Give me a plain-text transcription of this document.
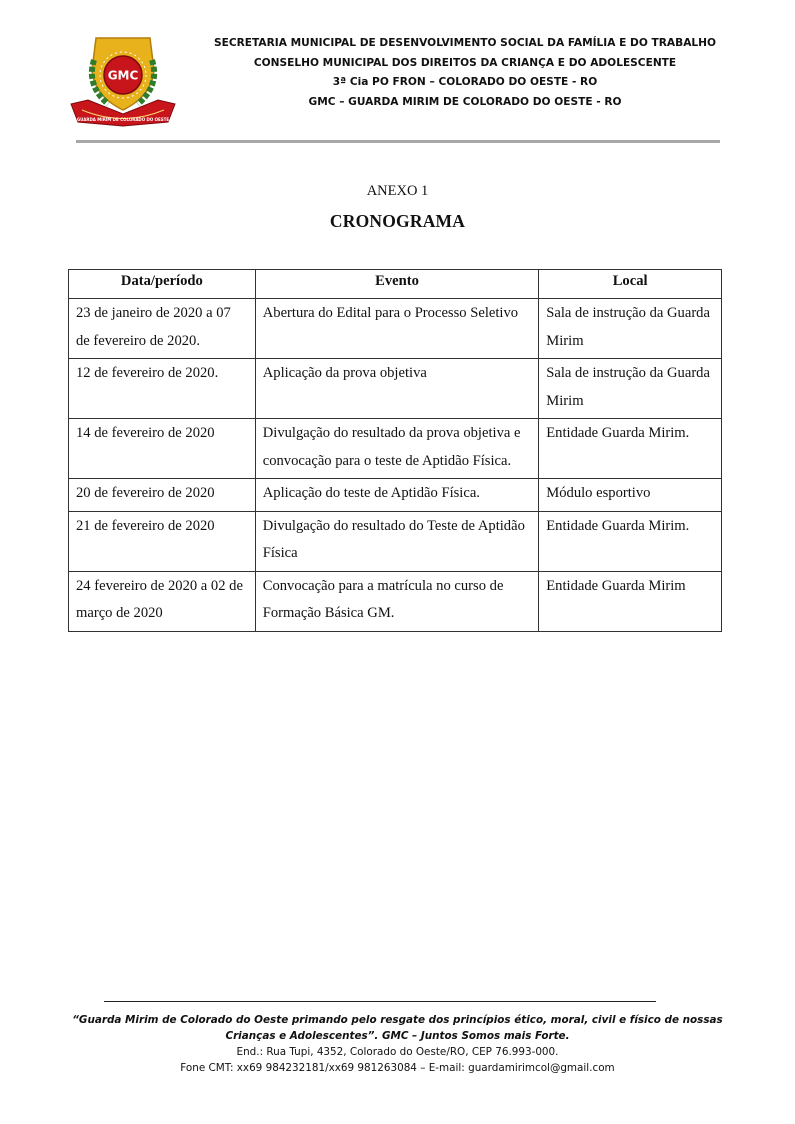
GMC
GUARDA MIRIM DE COLORADO DO OESTE
SECRETARIA MUNICIPAL DE DESENVOLVIMENTO SOCIAL DA FAMÍLIA E DO TRABALHO
CONSELHO MUNICIPAL DOS DIREITOS DA CRIANÇA E DO ADOLESCENTE
3ª Cia PO FRON – COLORADO DO OESTE - RO
GMC – GUARDA MIRIM DE COLORADO DO OESTE - RO
ANEXO 1
CRONOGRAMA
Data/período	Evento	Local
23 de janeiro de 2020 a 07 de fevereiro de 2020.	Abertura do Edital para o Processo Seletivo	Sala de instrução da Guarda Mirim
12 de fevereiro de 2020.	Aplicação da prova objetiva	Sala de instrução da Guarda Mirim
14 de fevereiro de 2020	Divulgação do resultado da prova objetiva e convocação para o teste de Aptidão Física.	Entidade Guarda Mirim.
20 de fevereiro de 2020	Aplicação do teste de Aptidão Física.	Módulo esportivo
21 de fevereiro de 2020	Divulgação do resultado do Teste de Aptidão Física	Entidade Guarda Mirim.
24 fevereiro de 2020 a 02 de março de 2020	Convocação para a matrícula no curso de Formação Básica GM.	Entidade Guarda Mirim
“Guarda Mirim de Colorado do Oeste primando pelo resgate dos princípios ético, moral, civil e físico de nossas
Crianças e Adolescentes”. GMC – Juntos Somos mais Forte.
End.: Rua Tupi, 4352, Colorado do Oeste/RO, CEP 76.993-000.
Fone CMT: xx69 984232181/xx69 981263084 – E-mail: guardamirimcol@gmail.com
